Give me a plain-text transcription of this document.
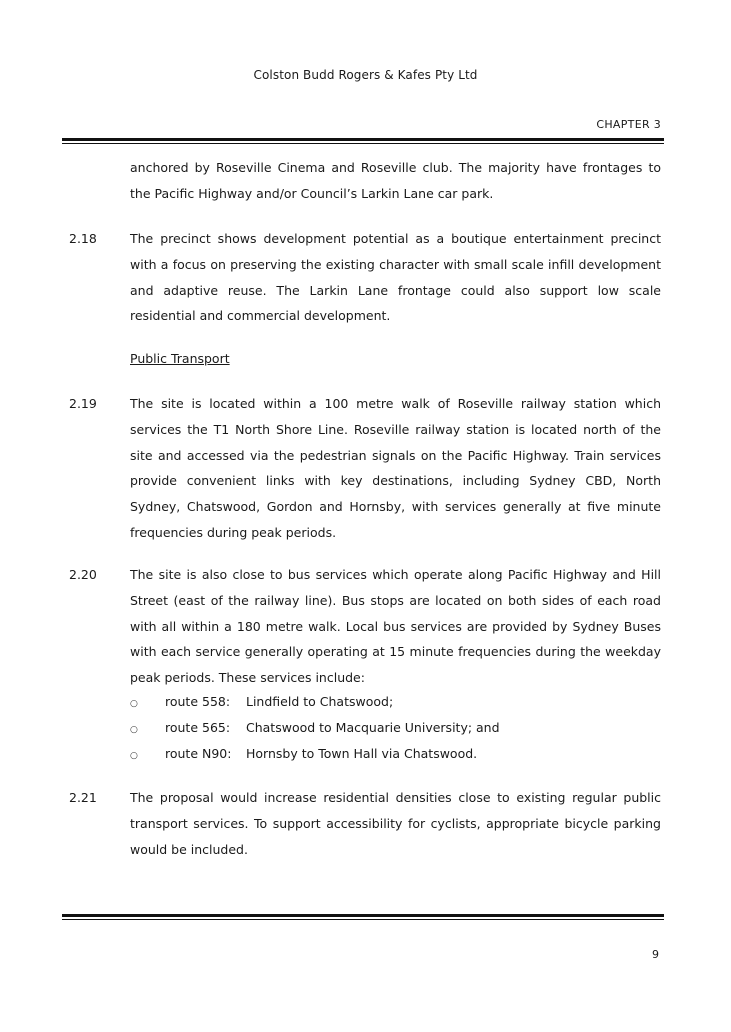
Colston Budd Rogers & Kafes Pty Ltd
CHAPTER 3

anchored by Roseville Cinema and Roseville club. The majority have frontages to the Pacific Highway and/or Council’s Larkin Lane car park.

2.18	The precinct shows development potential as a boutique entertainment precinct with a focus on preserving the existing character with small scale infill development and adaptive reuse. The Larkin Lane frontage could also support low scale residential and commercial development.

Public Transport
2.19	The site is located within a 100 metre walk of Roseville railway station which services the T1 North Shore Line. Roseville railway station is located north of the site and accessed via the pedestrian signals on the Pacific Highway. Train services provide convenient links with key destinations, including Sydney CBD, North Sydney, Chatswood, Gordon and Hornsby, with services generally at five minute frequencies during peak periods.

2.20	The site is also close to bus services which operate along Pacific Highway and Hill Street (east of the railway line). Bus stops are located on both sides of each road with all within a 180 metre walk. Local bus services are provided by Sydney Buses with each service generally operating at 15 minute frequencies during the weekday peak periods. These services include:

○	route 558:	Lindfield to Chatswood;
○	route 565:	Chatswood to Macquarie University; and
○	route N90:	Hornsby to Town Hall via Chatswood.
2.21	The proposal would increase residential densities close to existing regular public transport services. To support accessibility for cyclists, appropriate bicycle parking would be included.

9
